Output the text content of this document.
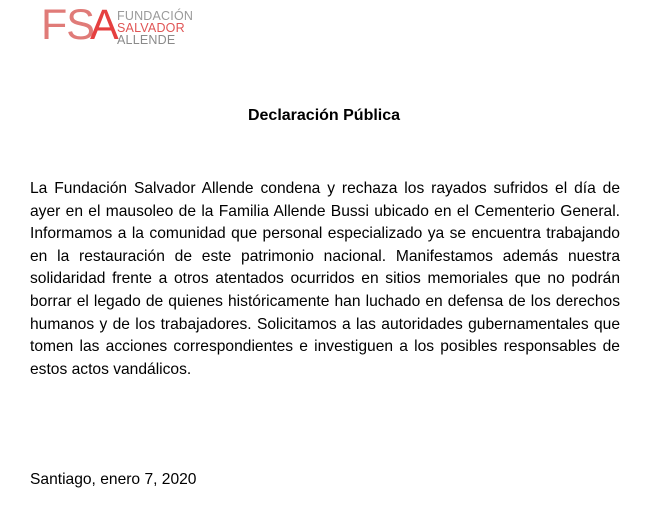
FS
A
FUNDACIÓN
SALVADOR
ALLENDE
Declaración Pública

La Fundación Salvador Allende condena y rechaza los rayados sufridos el día de ayer en el mausoleo de la Familia Allende Bussi ubicado en el Cementerio General. Informamos a la comunidad que personal especializado ya se encuentra trabajando en la restauración de este patrimonio nacional. Manifestamos además nuestra solidaridad frente a otros atentados ocurridos en sitios memoriales que no podrán borrar el legado de quienes históricamente han luchado en defensa de los derechos humanos y de los trabajadores. Solicitamos a las autoridades gubernamentales que tomen las acciones correspondientes e investiguen a los posibles responsables de estos actos vandálicos.

Santiago, enero 7, 2020
